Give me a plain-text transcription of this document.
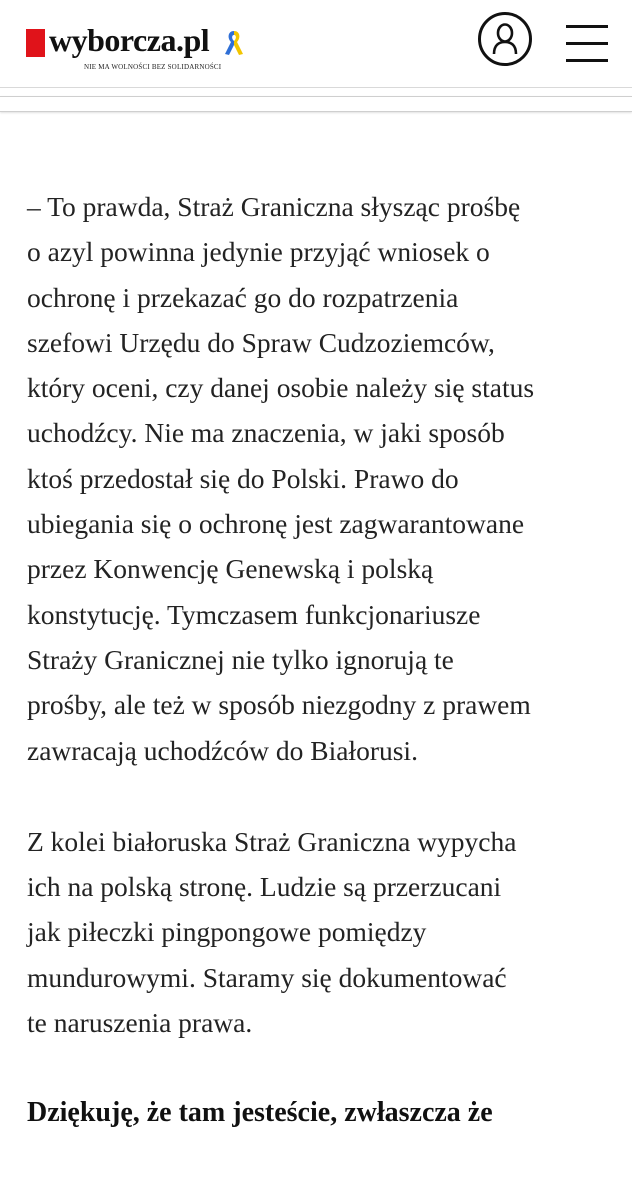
wyborcza.pl
NIE MA WOLNOŚCI BEZ SOLIDARNOŚCI

– To prawda, Straż Graniczna słysząc prośbę
o azyl powinna jedynie przyjąć wniosek o
ochronę i przekazać go do rozpatrzenia
szefowi Urzędu do Spraw Cudzoziemców,
który oceni, czy danej osobie należy się status
uchodźcy. Nie ma znaczenia, w jaki sposób
ktoś przedostał się do Polski. Prawo do
ubiegania się o ochronę jest zagwarantowane
przez Konwencję Genewską i polską
konstytucję. Tymczasem funkcjonariusze
Straży Granicznej nie tylko ignorują te
prośby, ale też w sposób niezgodny z prawem
zawracają uchodźców do Białorusi.

Z kolei białoruska Straż Graniczna wypycha
ich na polską stronę. Ludzie są przerzucani
jak piłeczki pingpongowe pomiędzy
mundurowymi. Staramy się dokumentować
te naruszenia prawa.

Dziękuję, że tam jesteście, zwłaszcza że
